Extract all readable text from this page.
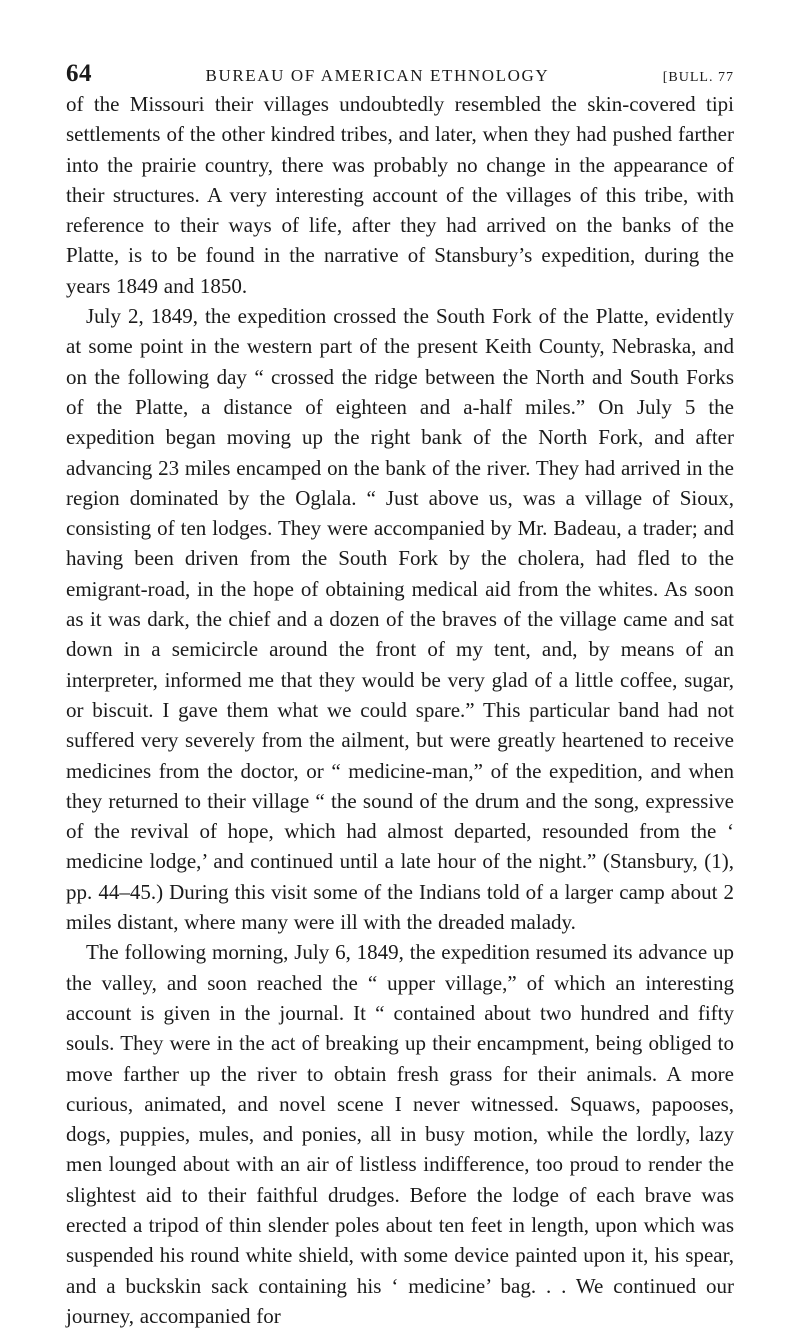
64	BUREAU OF AMERICAN ETHNOLOGY	[BULL. 77

of the Missouri their villages undoubtedly resembled the skin-covered tipi settlements of the other kindred tribes, and later, when they had pushed farther into the prairie country, there was probably no change in the appearance of their structures. A very interesting account of the villages of this tribe, with reference to their ways of life, after they had arrived on the banks of the Platte, is to be found in the narrative of Stansbury’s expedition, during the years 1849 and 1850.

July 2, 1849, the expedition crossed the South Fork of the Platte, evidently at some point in the western part of the present Keith County, Nebraska, and on the following day “ crossed the ridge between the North and South Forks of the Platte, a distance of eighteen and a-half miles.” On July 5 the expedition began moving up the right bank of the North Fork, and after advancing 23 miles encamped on the bank of the river. They had arrived in the region dominated by the Oglala. “ Just above us, was a village of Sioux, consisting of ten lodges. They were accompanied by Mr. Badeau, a trader; and having been driven from the South Fork by the cholera, had fled to the emigrant-road, in the hope of obtaining medical aid from the whites. As soon as it was dark, the chief and a dozen of the braves of the village came and sat down in a semicircle around the front of my tent, and, by means of an interpreter, informed me that they would be very glad of a little coffee, sugar, or biscuit. I gave them what we could spare.” This particular band had not suffered very severely from the ailment, but were greatly heartened to receive medicines from the doctor, or “ medicine-man,” of the expedition, and when they returned to their village “ the sound of the drum and the song, expressive of the revival of hope, which had almost departed, resounded from the ‘ medicine lodge,’ and continued until a late hour of the night.” (Stansbury, (1), pp. 44–45.) During this visit some of the Indians told of a larger camp about 2 miles distant, where many were ill with the dreaded malady.

The following morning, July 6, 1849, the expedition resumed its advance up the valley, and soon reached the “ upper village,” of which an interesting account is given in the journal. It “ contained about two hundred and fifty souls. They were in the act of breaking up their encampment, being obliged to move farther up the river to obtain fresh grass for their animals. A more curious, animated, and novel scene I never witnessed. Squaws, papooses, dogs, puppies, mules, and ponies, all in busy motion, while the lordly, lazy men lounged about with an air of listless indifference, too proud to render the slightest aid to their faithful drudges. Before the lodge of each brave was erected a tripod of thin slender poles about ten feet in length, upon which was suspended his round white shield, with some device painted upon it, his spear, and a buckskin sack containing his ‘ medicine’ bag. . . We continued our journey, accompanied for
